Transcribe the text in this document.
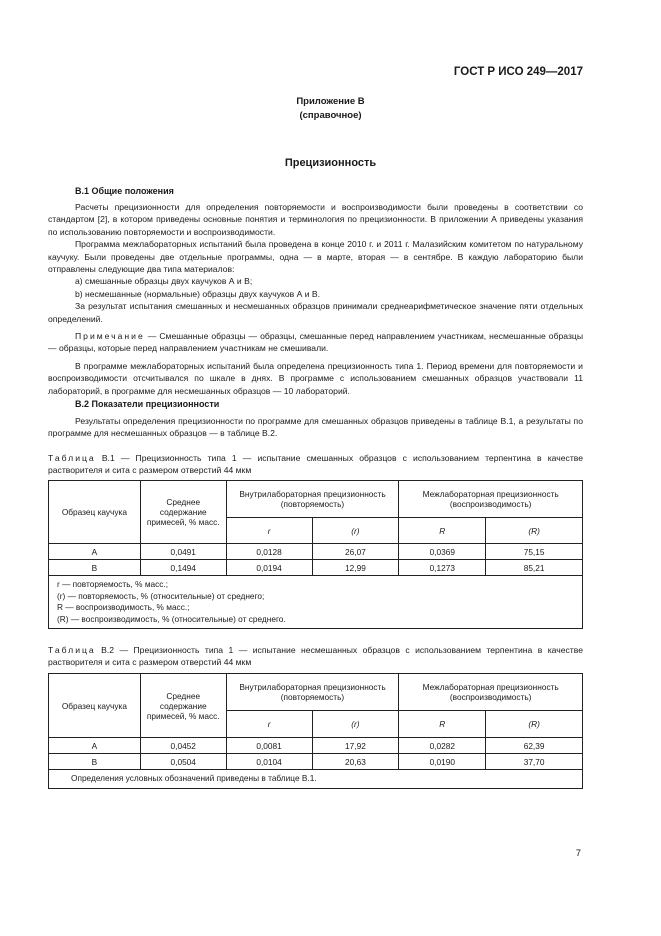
ГОСТ Р ИСО 249—2017
Приложение В
(справочное)
Прецизионность
В.1 Общие положения

Расчеты прецизионности для определения повторяемости и воспроизводимости были проведены в соответствии со стандартом [2], в котором приведены основные понятия и терминология по прецизионности. В приложении А приведены указания по использованию повторяемости и воспроизводимости.

Программа межлабораторных испытаний была проведена в конце 2010 г. и 2011 г. Малазийским комитетом по натуральному каучуку. Были проведены две отдельные программы, одна — в марте, вторая — в сентябре. В каждую лабораторию были отправлены следующие два типа материалов:

a) смешанные образцы двух каучуков А и В;

b) несмешанные (нормальные) образцы двух каучуков А и В.

За результат испытания смешанных и несмешанных образцов принимали среднеарифметическое значение пяти отдельных определений.

Примечание — Смешанные образцы — образцы, смешанные перед направлением участникам, несмешанные образцы — образцы, которые перед направлением участникам не смешивали.

В программе межлабораторных испытаний была определена прецизионность типа 1. Период времени для повторяемости и воспроизводимости отсчитывался по шкале в днях. В программе с использованием смешанных образцов участвовали 11 лабораторий, в программе для несмешанных образцов — 10 лабораторий.

В.2 Показатели прецизионности

Результаты определения прецизионности по программе для смешанных образцов приведены в таблице В.1, а результаты по программе для несмешанных образцов — в таблице В.2.

Таблица В.1 — Прецизионность типа 1 — испытание смешанных образцов с использованием терпентина в качестве растворителя и сита с размером отверстий 44 мкм

Образец каучука	Среднее содержание примесей, % масс.	Внутрилабораторная прецизионность (повторяемость)		Межлабораторная прецизионность (воспроизводимость)	
		r	(r)	R	(R)
А	0,0491	0,0128	26,07	0,0369	75,15
В	0,1494	0,0194	12,99	0,1273	85,21

r — повторяемость, % масс.;
(r) — повторяемость, % (относительные) от среднего;
R — воспроизводимость, % масс.;
(R) — воспроизводимость, % (относительные) от среднего.					

Таблица В.2 — Прецизионность типа 1 — испытание несмешанных образцов с использованием терпентина в качестве растворителя и сита с размером отверстий 44 мкм

Образец каучука	Среднее содержание примесей, % масс.	Внутрилабораторная прецизионность (повторяемость)		Межлабораторная прецизионность (воспроизводимость)	
		r	(r)	R	(R)
А	0,0452	0,0081	17,92	0,0282	62,39
В	0,0504	0,0104	20,63	0,0190	37,70
Определения условных обозначений приведены в таблице В.1.					
7
